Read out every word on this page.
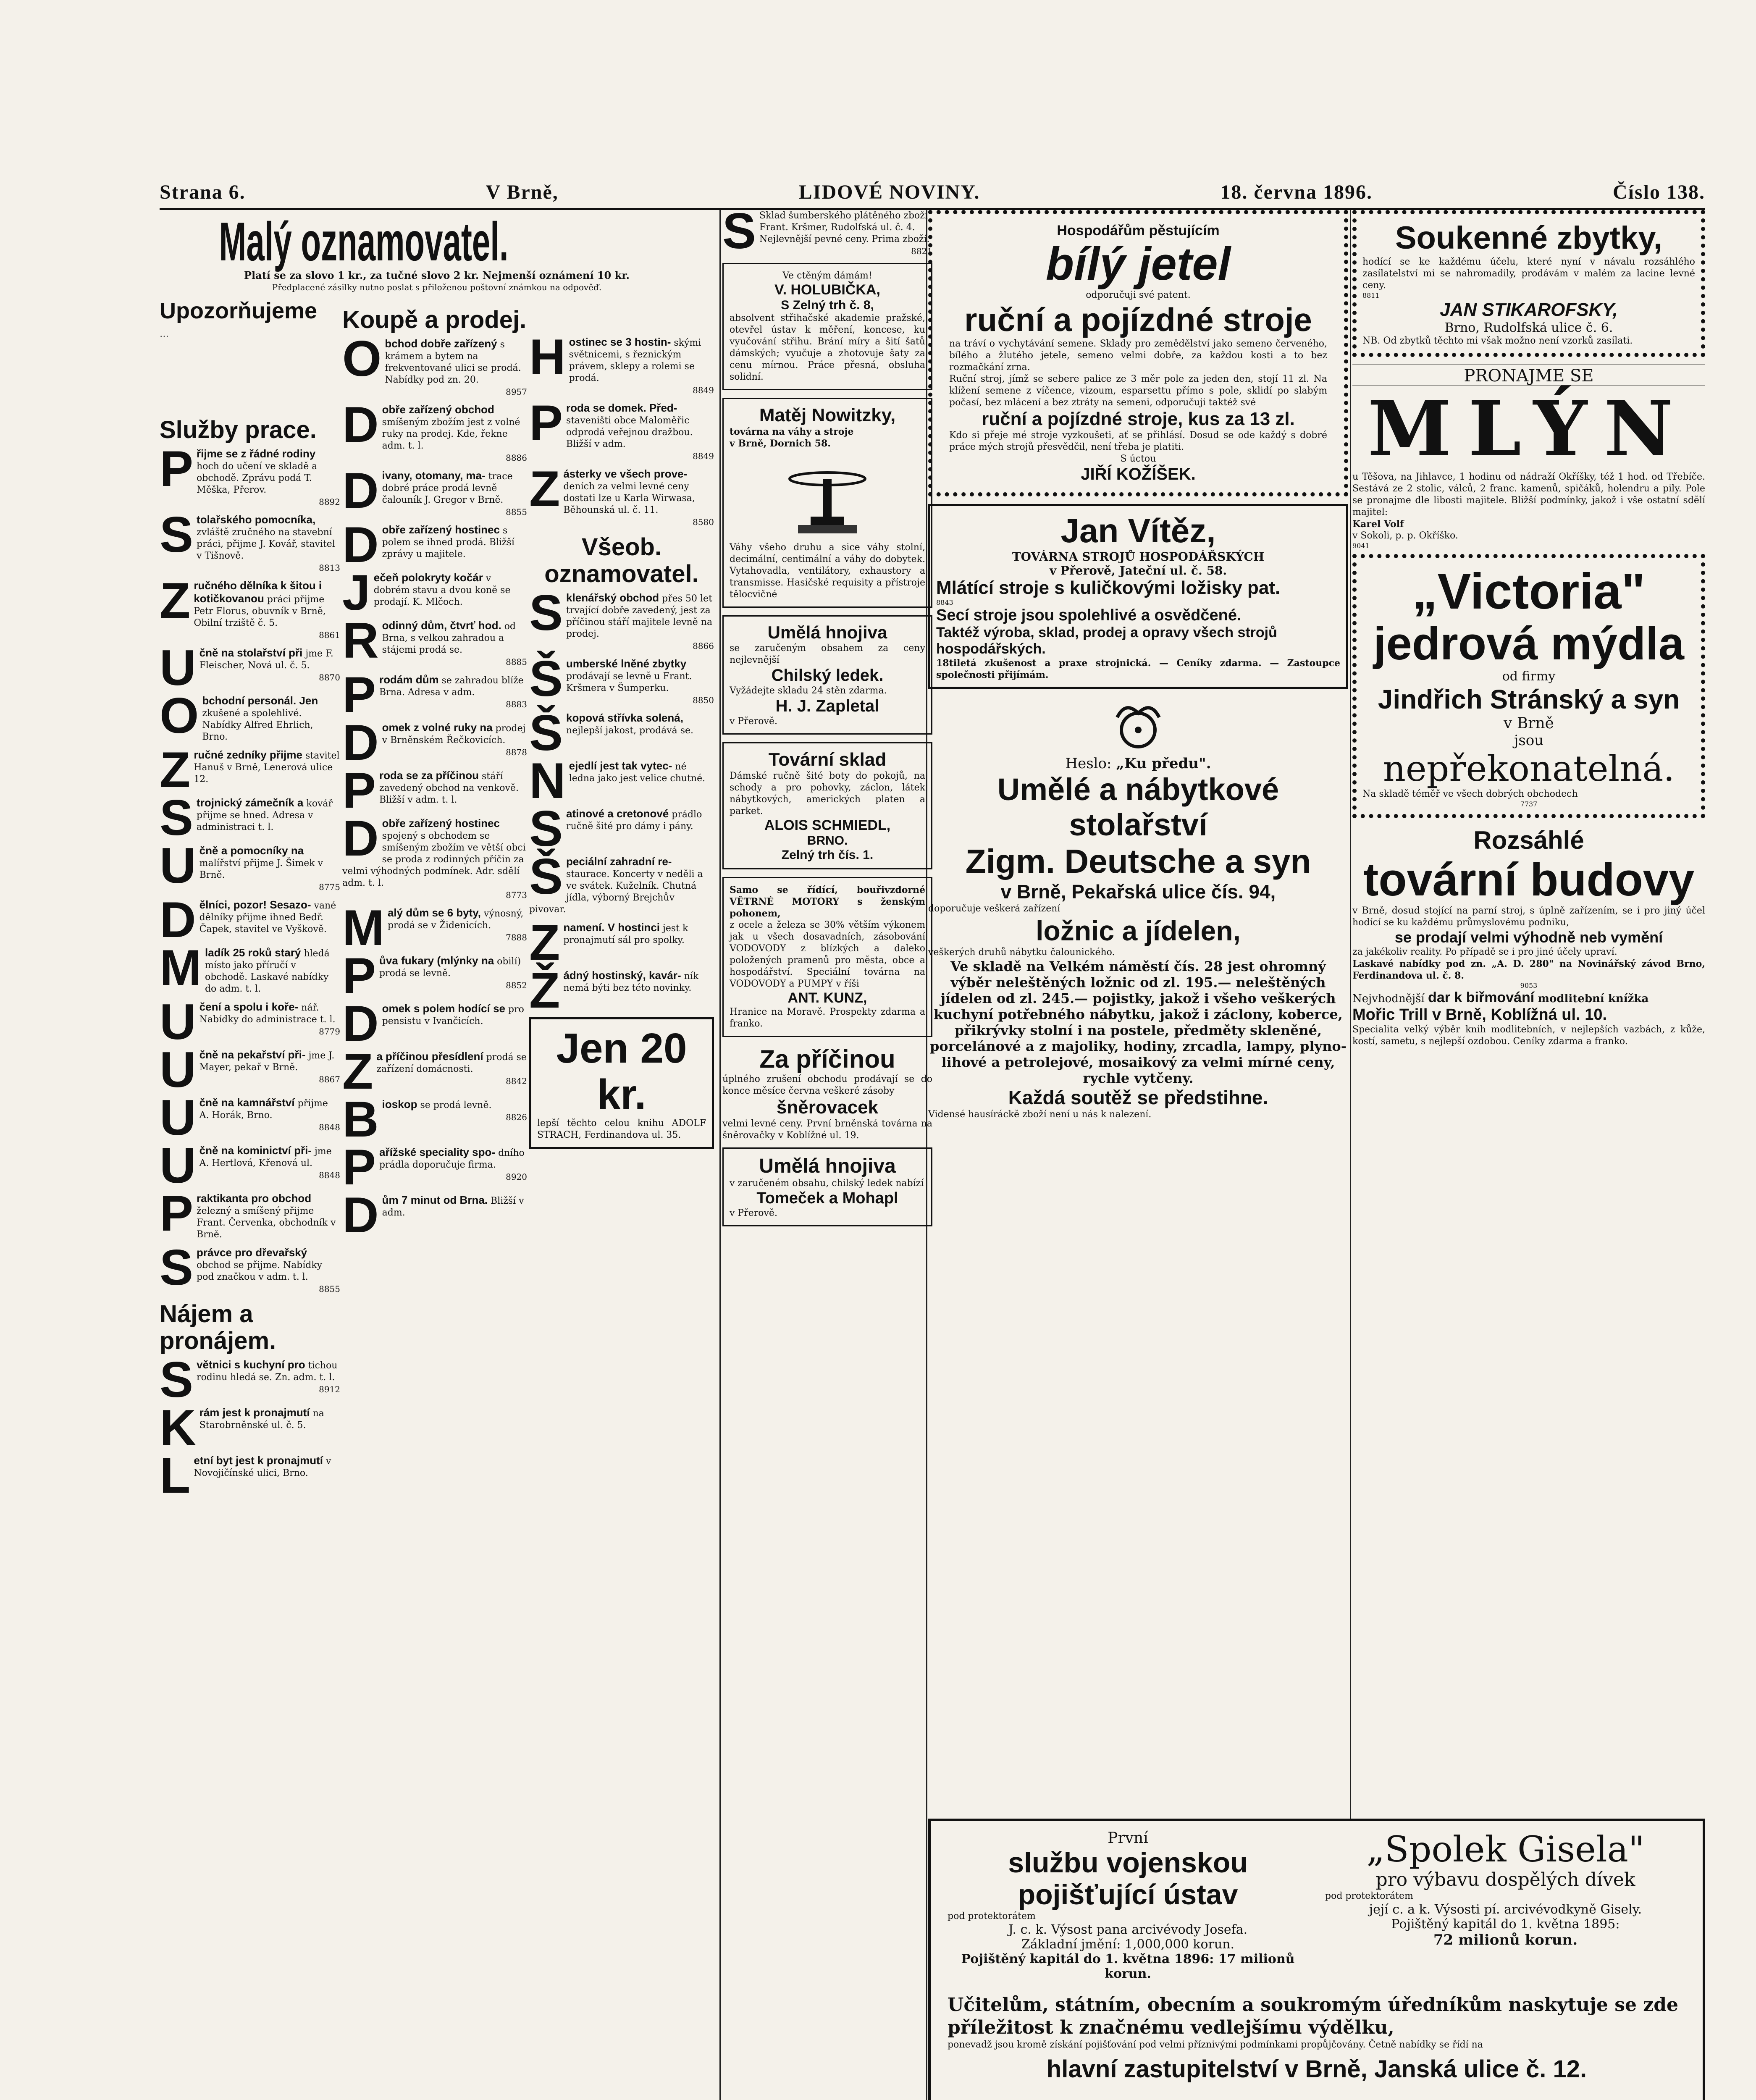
Strana 6.	V Brně,	LIDOVÉ NOVINY.	18. června 1896.	Číslo 138.
Malý oznamovatel.
Platí se za slovo 1 kr., za tučné slovo 2 kr. Nejmenší oznámení 10 kr.
Předplacené zásilky nutno poslat s přiloženou poštovní známkou na odpověď.
Upozorňujeme
…
Služby prace.
Přijme se z řádné rodiny hoch do učení ve skladě a obchodě. Zprávu podá T. Měška, Přerov.
8892
Stolařského pomocníka, zvláště zručného na stavební práci, přijme J. Kovář, stavitel v Tišnově.
8813
Zručného dělníka k šitou i kotičkovanou práci přijme Petr Florus, obuvník v Brně, Obilní trziště č. 5.
8861
Učně na stolařství při jme F. Fleischer, Nová ul. č. 5.
8870
Obchodní personál. Jen zkušené a spolehlivé. Nabídky Alfred Ehrlich, Brno.
Zručné zedníky přijme stavitel Hanuš v Brně, Lenerová ulice 12.
Strojnický zámečník a kovář přijme se hned. Adresa v administraci t. l.
Učně a pomocníky na malířství přijme J. Šimek v Brně.
8775
Dělníci, pozor! Sesazo- vané dělníky přijme ihned Bedř. Čapek, stavitel ve Vyškově.
Mladík 25 roků starý hledá místo jako příručí v obchodě. Laskavé nabídky do adm. t. l.
Učení a spolu i koře- nář. Nabídky do administrace t. l.
8779
Učně na pekařství při- jme J. Mayer, pekař v Brně.
8867
Učně na kamnářství přijme A. Horák, Brno.
8848
Učně na kominictví při- jme A. Hertlová, Křenová ul.
8848
Praktikanta pro obchod železný a smíšený přijme Frant. Červenka, obchodník v Brně.
Správce pro dřevařský obchod se přijme. Nabídky pod značkou v adm. t. l.
8855
Nájem a pronájem.
Světnici s kuchyní pro tichou rodinu hledá se. Zn. adm. t. l.
8912
Krám jest k pronajmutí na Starobrněnské ul. č. 5.
Letní byt jest k pronajmutí v Novojičínské ulici, Brno.
Koupě a prodej.
Obchod dobře zařízený s krámem a bytem na frekventované ulici se prodá. Nabídky pod zn. 20.
8957
Dobře zařízený obchod smíšeným zbožím jest z volné ruky na prodej. Kde, řekne adm. t. l.
8886
Divany, otomany, ma- trace dobré práce prodá levně čalouník J. Gregor v Brně.
8855
Dobře zařízený hostinec s polem se ihned prodá. Bližší zprávy u majitele.
Ječeň polokryty kočár v dobrém stavu a dvou koně se prodají. K. Mlčoch.
Rodinný dům, čtvrť hod. od Brna, s velkou zahradou a stájemi prodá se.
8885
Prodám dům se zahradou blíže Brna. Adresa v adm.
8883
Domek z volné ruky na prodej v Brněnském Řečkovicích.
8878
Proda se za příčinou stáří zavedený obchod na venkově. Bližší v adm. t. l.
Dobře zařízený hostinec spojený s obchodem se smíšeným zbožím ve větší obci se proda z rodinných příčin za velmi výhodných podmínek. Adr. sdělí adm. t. l.
8773
Malý dům se 6 byty, výnosný, prodá se v Židenicích.
7888
Půva fukary (mlýnky na obilí) prodá se levně.
8852
Domek s polem hodící se pro pensistu v Ivančicích.
Za příčinou přesídlení prodá se zařízení domácnosti.
8842
Bioskop se prodá levně.
8826
Pařížské speciality spo- dního prádla doporučuje firma.
8920
Dům 7 minut od Brna. Bližší v adm.
Hostinec se 3 hostin- skými světnicemi, s řeznickým právem, sklepy a rolemi se prodá.
8849
Proda se domek. Před- staveništi obce Maloměřic odprodá veřejnou dražbou. Bližší v adm.
8849
Zásterky ve všech prove- deních za velmi levné ceny dostati lze u Karla Wirwasa, Běhounská ul. č. 11.
8580
Všeob. oznamovatel.
Sklenářský obchod přes 50 let trvající dobře zavedený, jest za příčinou stáří majitele levně na prodej.
8866
Šumberské lněné zbytky prodávají se levně u Frant. Kršmera v Šumperku.
8850
Škopová střívka solená, nejlepší jakost, prodává se.
Nejedlí jest tak vytec- né ledna jako jest velice chutné.
Satinové a cretonové prádlo ručně šité pro dámy i pány.
Špeciální zahradní re- staurace. Koncerty v neděli a ve svátek. Kuželník. Chutná jídla, výborný Brejchův pivovar.
Znamení. V hostinci jest k pronajmutí sál pro spolky.
Žádný hostinský, kavár- ník nemá býti bez této novinky.
Jen 20 kr.
lepší těchto celou knihu ADOLF STRACH, Ferdinandova ul. 35.
S Sklad šumberského plátěného zboží Frant. Kršmer, Rudolfská ul. č. 4. Nejlevnější pevné ceny. Prima zboží.
8821
Ve ctěným dámám!
V. HOLUBIČKA,
S Zelný trh č. 8,
absolvent střihačské akademie pražské, otevřel ústav k měření, koncese, ku vyučování střihu. Brání míry a šití šatů dámských; vyučuje a zhotovuje šaty za cenu mírnou. Práce přesná, obsluha solidní.
Matěj Nowitzky,
továrna na váhy a stroje
v Brně, Dornich 58.
Váhy všeho druhu a sice váhy stolní, decimální, centimální a váhy do dobytek. Vytahovadla, ventilátory, exhaustory a transmisse. Hasičské requisity a přístroje tělocvičné
Umělá hnojiva
se zaručeným obsahem za ceny nejlevnější
Chilský ledek.
Vyžádejte skladu 24 stěn zdarma.
H. J. Zapletal
v Přerově.
Tovární sklad
Dámské ručně šité boty do pokojů, na schody a pro pohovky, záclon, látek nábytkových, amerických platen a parket.
ALOIS SCHMIEDL,
BRNO.
Zelný trh čís. 1.
Samo se řídící, bouřivzdorné VĚTRNÉ MOTORY s ženským pohonem,
z ocele a železa se 30% větším výkonem jak u všech dosavadních, zásobování VODOVODY z blízkých a daleko položených pramenů pro města, obce a hospodářství. Speciální továrna na VODOVODY a PUMPY v říši
ANT. KUNZ,
Hranice na Moravě. Prospekty zdarma a franko.
Za příčinou
úplného zrušení obchodu prodávají se do konce měsíce června veškeré zásoby
šněrovacek
velmi levné ceny. První brněnská továrna na šněrovačky v Koblížné ul. 19.
Umělá hnojiva
v zaručeném obsahu, chilský ledek nabízí
Tomeček a Mohapl
v Přerově.
Hospodářům pěstujícím
bílý jetel
odporučuji své patent.
ruční a pojízdné stroje
na tráví o vychytávání semene. Sklady pro zemědělství jako semeno červeného, bílého a žlutého jetele, semeno velmi dobře, za každou kosti a to bez rozmačkání zrna.
Ruční stroj, jímž se sebere palice ze 3 měr pole za jeden den, stojí 11 zl. Na klížení semene z víčence, vizoum, esparsettu přímo s pole, sklidí po slabým počasí, bez mlácení a bez ztráty na semeni, odporučuji taktéž své
ruční a pojízdné stroje, kus za 13 zl.
Kdo si přeje mé stroje vyzkoušeti, ať se přihlásí. Dosud se ode každý s dobré práce mých strojů přesvědčil, není třeba je platiti.
S úctou
JIŘÍ KOŽÍŠEK.
Jan Vítěz,
TOVÁRNA STROJŮ HOSPODÁŘSKÝCH
v Přerově, Jateční ul. č. 58.
Mlátící stroje s kuličkovými ložisky pat.
8843
Secí stroje jsou spolehlivé a osvědčené.
Taktéž výroba, sklad, prodej a opravy všech strojů hospodářských.
18tiletá zkušenost a praxe strojnická. — Ceníky zdarma. — Zastoupce společnosti přijímám.
Heslo: „Ku předu".
Umělé a nábytkové stolařství
Zigm. Deutsche a syn
v Brně, Pekařská ulice čís. 94,
doporučuje veškerá zařízení
ložnic a jídelen,
veškerých druhů nábytku čalounického.
Ve skladě na Velkém náměstí čís. 28 jest ohromný výběr neleštěných ložnic od zl. 195.— neleštěných jídelen od zl. 245.— pojistky, jakož i všeho veškerých kuchyní potřebného nábytku, jakož i záclony, koberce, přikrývky stolní i na postele, předměty skleněné, porcelánové a z majoliky, hodiny, zrcadla, lampy, plyno-lihové a petrolejové, mosaikový za velmi mírné ceny, rychle vytčeny.
Každá soutěž se předstihne.
Vidensé hausíráckě zboží není u nás k nalezení.
Soukenné zbytky,
hodící se ke každému účelu, které nyní v návalu rozsáhlého zasílatelství mi se nahromadily, prodávám v malém za lacine levné ceny.
8811
JAN STIKAROFSKY,
Brno, Rudolfská ulice č. 6.
NB. Od zbytků těchto mi však možno není vzorků zasílati.
PRONAJME SE
MLÝN
u Těšova, na Jihlavce, 1 hodinu od nádraží Okříšky, též 1 hod. od Třebíče. Sestává ze 2 stolic, válců, 2 franc. kamenů, spičáků, holendru a pily. Pole se pronajme dle libosti majitele. Bližší podmínky, jakož i vše ostatní sdělí majitel:
Karel Volf
v Sokoli, p. p. Okříško.
9041
„Victoria"
jedrová mýdla
od firmy
Jindřich Stránský a syn
v Brně
jsou
nepřekonatelná.
Na skladě téměř ve všech dobrých obchodech
7737
Rozsáhlé
tovární budovy
v Brně, dosud stojící na parní stroj, s úplně zařízením, se i pro jiný účel hodící se ku každému průmyslovému podniku,
se prodají velmi výhodně neb vymění
za jakékoliv reality. Po případě se i pro jiné účely upraví.
Laskavé nabídky pod zn. „A. D. 280" na Novinářský závod Brno, Ferdinandova ul. č. 8.
9053
Nejvhodnější dar k biřmování modlitební knížka
Mořic Trill v Brně, Koblížná ul. 10.
Specialita velký výběr knih modlitebních, v nejlepších vazbách, z kůže, kostí, sametu, s nejlepší ozdobou. Ceníky zdarma a franko.
První
službu vojenskou pojišťující ústav
pod protektorátem
J. c. k. Výsost pana arcivévody Josefa.
Základní jmění: 1,000,000 korun.
Pojištěný kapitál do 1. května 1896: 17 milionů korun.
„Spolek Gisela"
pro výbavu dospělých dívek
pod protektorátem
její c. a k. Výsosti pí. arcivévodkyně Gisely.
Pojištěný kapitál do 1. května 1895:
72 milionů korun.
Učitelům, státním, obecním a soukromým úředníkům naskytuje se zde příležitost k značnému vedlejšímu výdělku,
ponevadž jsou kromě získání pojišťování pod velmi příznivými podmínkami propůjčovány. Četně nabídky se řídí na
hlavní zastupitelství v Brně, Janská ulice č. 12.
